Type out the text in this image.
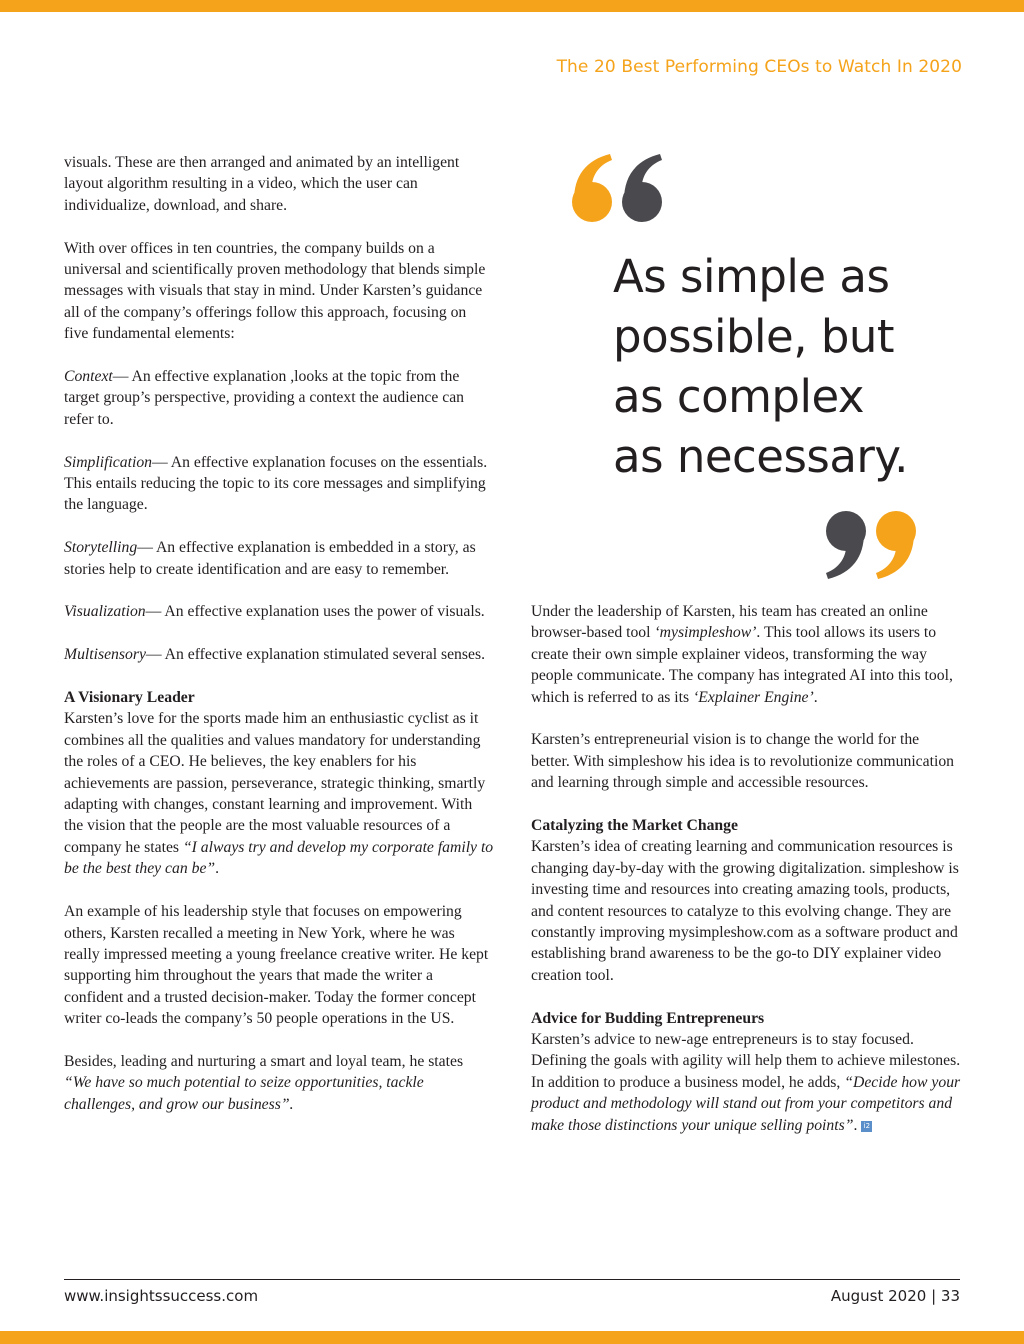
The 20 Best Performing CEOs to Watch In 2020

visuals. These are then arranged and animated by an intelligent layout algorithm resulting in a video, which the user can individualize, download, and share.

With over offices in ten countries, the company builds on a universal and scientifically proven methodology that blends simple messages with visuals that stay in mind. Under Karsten’s guidance all of the company’s offerings follow this approach, focusing on five fundamental elements:

Context— An effective explanation ,looks at the topic from the target group’s perspective, providing a context the audience can refer to.

Simplification— An effective explanation focuses on the essentials. This entails reducing the topic to its core messages and simplifying the language.

Storytelling— An effective explanation is embedded in a story, as stories help to create identification and are easy to remember.

Visualization— An effective explanation uses the power of visuals.

Multisensory— An effective explanation stimulated several senses.

A Visionary Leader

Karsten’s love for the sports made him an enthusiastic cyclist as it combines all the qualities and values mandatory for understanding the roles of a CEO. He believes, the key enablers for his achievements are passion, perseverance, strategic thinking, smartly adapting with changes, constant learning and improvement. With the vision that the people are the most valuable resources of a company he states “I always try and develop my corporate family to be the best they can be”.

An example of his leadership style that focuses on empowering others, Karsten recalled a meeting in New York, where he was really impressed meeting a young freelance creative writer. He kept supporting him throughout the years that made the writer a confident and a trusted decision-maker. Today the former concept writer co-leads the company’s 50 people operations in the US.

Besides, leading and nurturing a smart and loyal team, he states “We have so much potential to seize opportunities, tackle challenges, and grow our business”.

As simple as
possible, but
as complex
as necessary.

Under the leadership of Karsten, his team has created an online browser-based tool ‘mysimpleshow’. This tool allows its users to create their own simple explainer videos, transforming the way people communicate. The company has integrated AI into this tool, which is referred to as its ‘Explainer Engine’.

Karsten’s entrepreneurial vision is to change the world for the better. With simpleshow his idea is to revolutionize communication and learning through simple and accessible resources.

Catalyzing the Market Change

Karsten’s idea of creating learning and communication resources is changing day-by-day with the growing digitalization. simpleshow is investing time and resources into creating amazing tools, products, and content resources to catalyze to this evolving change. They are constantly improving mysimpleshow.com as a software product and establishing brand awareness to be the go-to DIY explainer video creation tool.

Advice for Budding Entrepreneurs

Karsten’s advice to new-age entrepreneurs is to stay focused. Defining the goals with agility will help them to achieve milestones. In addition to produce a business model, he adds, “Decide how your product and methodology will stand out from your competitors and make those distinctions your unique selling points”. i2

www.insightssuccess.com	August 2020 | 33
